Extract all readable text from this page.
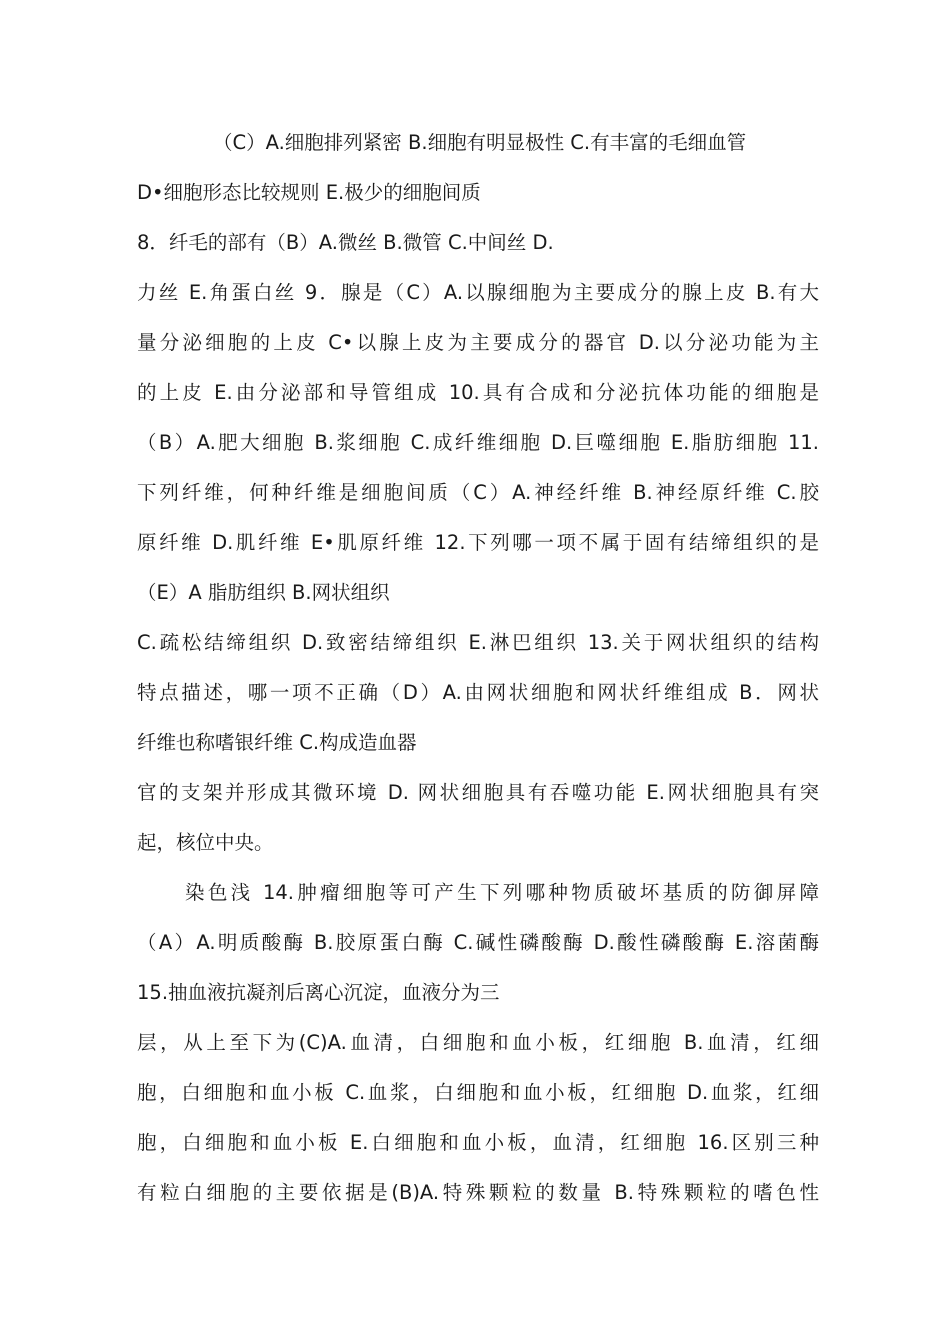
（C）A.细胞排列紧密 B.细胞有明显极性 C.有丰富的毛细血管
D•细胞形态比较规则 E.极少的细胞间质
8．纤毛的部有（B）A.微丝 B.微管 C.中间丝 D.
力丝 E.角蛋白丝 9．腺是（C）A.以腺细胞为主要成分的腺上皮 B.有大
量分泌细胞的上皮 C•以腺上皮为主要成分的器官 D.以分泌功能为主
的上皮 E.由分泌部和导管组成 10.具有合成和分泌抗体功能的细胞是
（B）A.肥大细胞 B.浆细胞 C.成纤维细胞 D.巨噬细胞 E.脂肪细胞 11.
下列纤维，何种纤维是细胞间质（C）A.神经纤维 B.神经原纤维 C.胶
原纤维 D.肌纤维 E•肌原纤维 12.下列哪一项不属于固有结缔组织的是
（E）A 脂肪组织 B.网状组织
C.疏松结缔组织 D.致密结缔组织 E.淋巴组织 13.关于网状组织的结构
特点描述，哪一项不正确（D）A.由网状细胞和网状纤维组成 B．网状
纤维也称嗜银纤维 C.构成造血器
官的支架并形成其微环境 D. 网状细胞具有吞噬功能 E.网状细胞具有突
起，核位中央。
染色浅 14.肿瘤细胞等可产生下列哪种物质破坏基质的防御屏障
（A）A.明质酸酶 B.胶原蛋白酶 C.碱性磷酸酶 D.酸性磷酸酶 E.溶菌酶
15.抽血液抗凝剂后离心沉淀，血液分为三
层，从上至下为(C)A.血清，白细胞和血小板，红细胞 B.血清，红细
胞，白细胞和血小板 C.血浆，白细胞和血小板，红细胞 D.血浆，红细
胞，白细胞和血小板 E.白细胞和血小板，血清，红细胞 16.区别三种
有粒白细胞的主要依据是(B)A.特殊颗粒的数量 B.特殊颗粒的嗜色性
